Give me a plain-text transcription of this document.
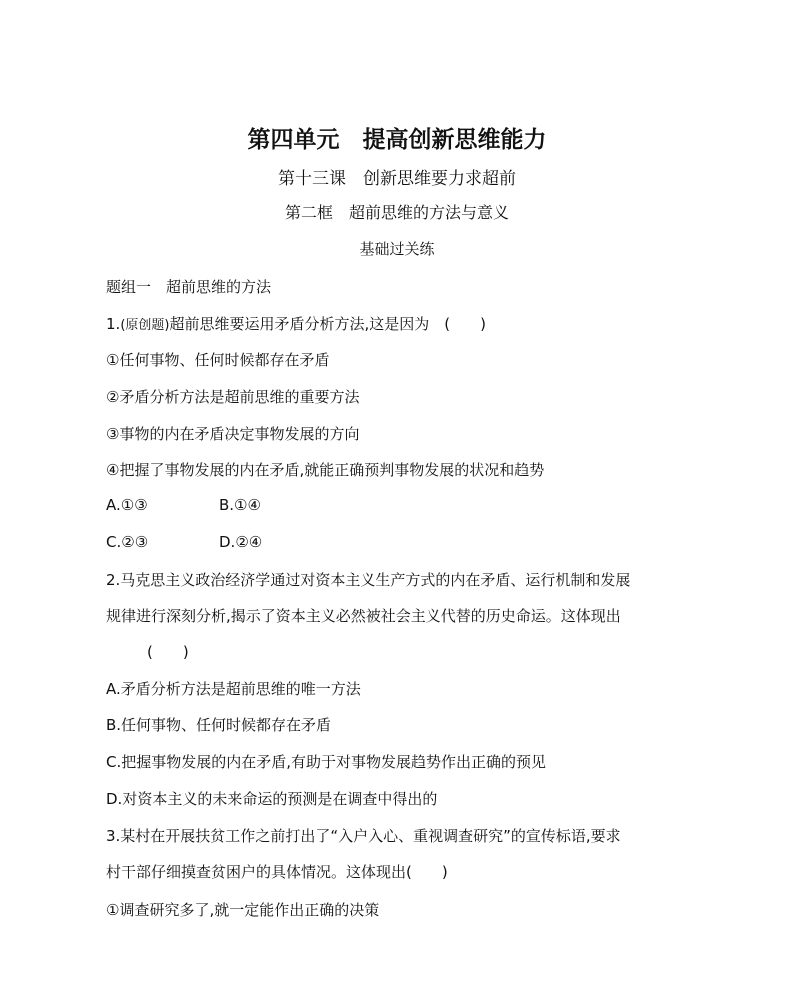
第四单元　提高创新思维能力
第十三课　创新思维要力求超前
第二框　超前思维的方法与意义
基础过关练
题组一　超前思维的方法
1.(原创题)超前思维要运用矛盾分析方法,这是因为　(　　)
①任何事物、任何时候都存在矛盾
②矛盾分析方法是超前思维的重要方法
③事物的内在矛盾决定事物发展的方向
④把握了事物发展的内在矛盾,就能正确预判事物发展的状况和趋势
A.①③	B.①④
C.②③	D.②④
2.马克思主义政治经济学通过对资本主义生产方式的内在矛盾、运行机制和发展
规律进行深刻分析,揭示了资本主义必然被社会主义代替的历史命运。这体现出
(　　)
A.矛盾分析方法是超前思维的唯一方法
B.任何事物、任何时候都存在矛盾
C.把握事物发展的内在矛盾,有助于对事物发展趋势作出正确的预见
D.对资本主义的未来命运的预测是在调查中得出的
3.某村在开展扶贫工作之前打出了“入户入心、重视调查研究”的宣传标语,要求
村干部仔细摸查贫困户的具体情况。这体现出(　　)
①调查研究多了,就一定能作出正确的决策
